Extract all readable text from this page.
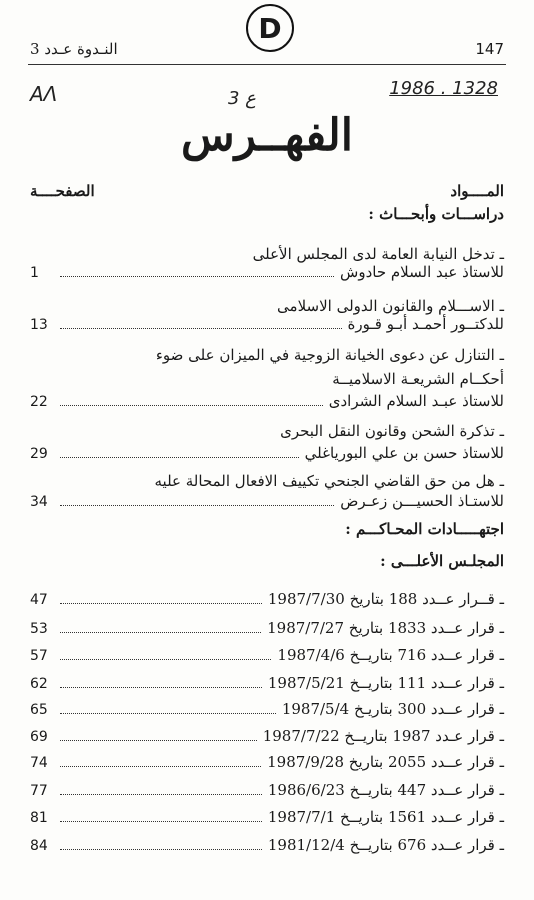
النـدوة عـدد 3
D
147
ΑΛ	ع 3	1986 . 1328
الفهــرس
المــــواد
الصفحــــة
دراســـات وأبحـــاث :
ـ تدخل النيابة العامة لدى المجلس الأعلى
للاستاذ عبد السلام حادوش
1
ـ الاســـلام والقانون الدولى الاسلامى
للدكتــور أحمـد أبـو قـورة
13
ـ التنازل عن دعوى الخيانة الزوجية في الميزان على ضوء
أحكــام الشريعـة الاسلاميــة
للاستاذ عبـد السلام الشرادى
22
ـ تذكرة الشحن وقانون النقل البحرى
للاستاذ حسن بن علي البورياغلي
29
ـ هل من حق القاضي الجنحي تكييف الافعال المحالة عليه
للاستـاذ الحسيـــن زعـرض
34
اجتهـــــادات المحـاكـــم :
المجلـس الأعلـــى :
ـ قــرار عــدد 188 بتاريخ 1987/7/30
47
ـ قرار عــدد 1833 بتاريخ 1987/7/27
53
ـ قرار عــدد 716 بتاريــخ 1987/4/6
57
ـ قرار عــدد 111 بتاريــخ 1987/5/21
62
ـ قرار عــدد 300 بتاريـخ 1987/5/4
65
ـ قرار عـدد 1987 بتاريــخ 1987/7/22
69
ـ قرار عــدد 2055 بتاريخ 1987/9/28
74
ـ قرار عــدد 447 بتاريــخ 1986/6/23
77
ـ قرار عــدد 1561 بتاريــخ 1987/7/1
81
ـ قرار عــدد 676 بتاريــخ 1981/12/4
84
